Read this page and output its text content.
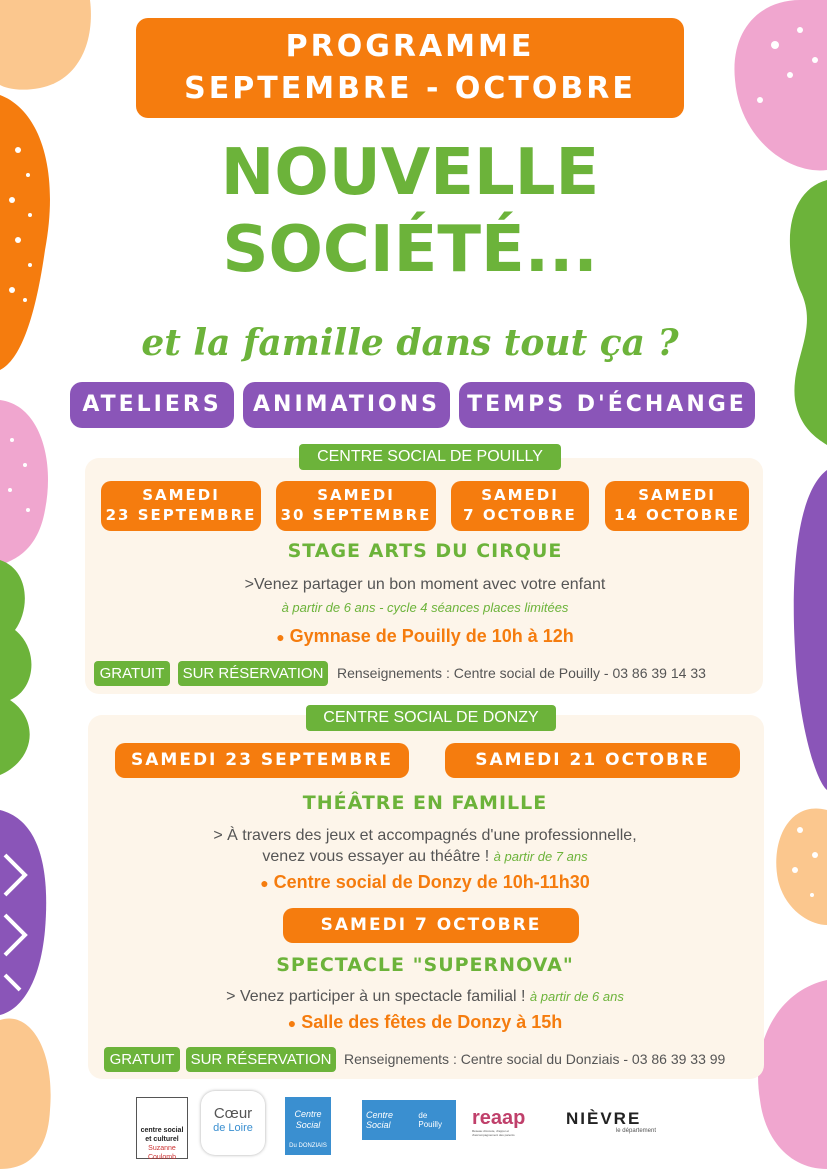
PROGRAMME
SEPTEMBRE - OCTOBRE
NOUVELLE
SOCIÉTÉ...
et la famille dans tout ça ?
ATELIERS	ANIMATIONS	TEMPS D'ÉCHANGE
CENTRE SOCIAL DE POUILLY
SAMEDI
23 SEPTEMBRE
SAMEDI
30 SEPTEMBRE
SAMEDI
7 OCTOBRE
SAMEDI
14 OCTOBRE
STAGE ARTS DU CIRQUE
>Venez partager un bon moment avec votre enfant
à partir de 6 ans - cycle 4 séances places limitées
● Gymnase de Pouilly de 10h à 12h
GRATUIT	SUR RÉSERVATION Renseignements : Centre social de Pouilly - 03 86 39 14 33
CENTRE SOCIAL DE DONZY
SAMEDI 23 SEPTEMBRE	SAMEDI 21 OCTOBRE
THÉÂTRE EN FAMILLE
> À travers des jeux et accompagnés d'une professionnelle,
venez vous essayer au théâtre ! à partir de 7 ans
● Centre social de Donzy de 10h-11h30
SAMEDI 7 OCTOBRE
SPECTACLE "SUPERNOVA"
> Venez participer à un spectacle familial ! à partir de 6 ans
● Salle des fêtes de Donzy à 15h
GRATUIT	SUR RÉSERVATION Renseignements : Centre social du Donziais - 03 86 39 33 99
centre social
et culturel
Suzanne Coulomb
Cœur
de Loire
Centre Social
Du DONZIAIS
Centre Social
de Pouilly	reaap
Réseau d'écoute, d'appui et d'accompagnement des parents
NIÈVRE
le département
